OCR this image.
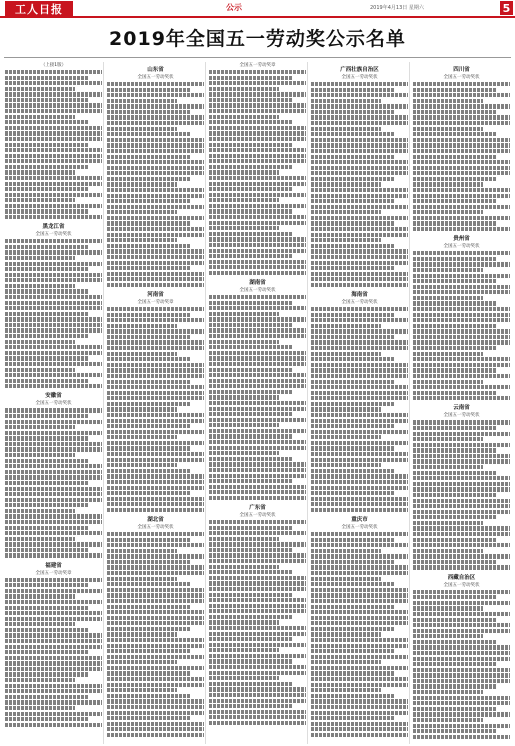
工人日报	公示	2019年4月13日 星期六	5
2019年全国五一劳动奖公示名单
（上接1版）
黑龙江省
全国五一劳动奖状
安徽省
全国五一劳动奖状
福建省
全国五一劳动奖章
山东省
全国五一劳动奖状
河南省
全国五一劳动奖章
湖北省
全国五一劳动奖状
全国五一劳动奖章
湖南省
全国五一劳动奖状
广东省
全国五一劳动奖状
广西壮族自治区
全国五一劳动奖状
海南省
全国五一劳动奖状
重庆市
全国五一劳动奖状
四川省
全国五一劳动奖状
贵州省
全国五一劳动奖状
云南省
全国五一劳动奖状
西藏自治区
全国五一劳动奖状
